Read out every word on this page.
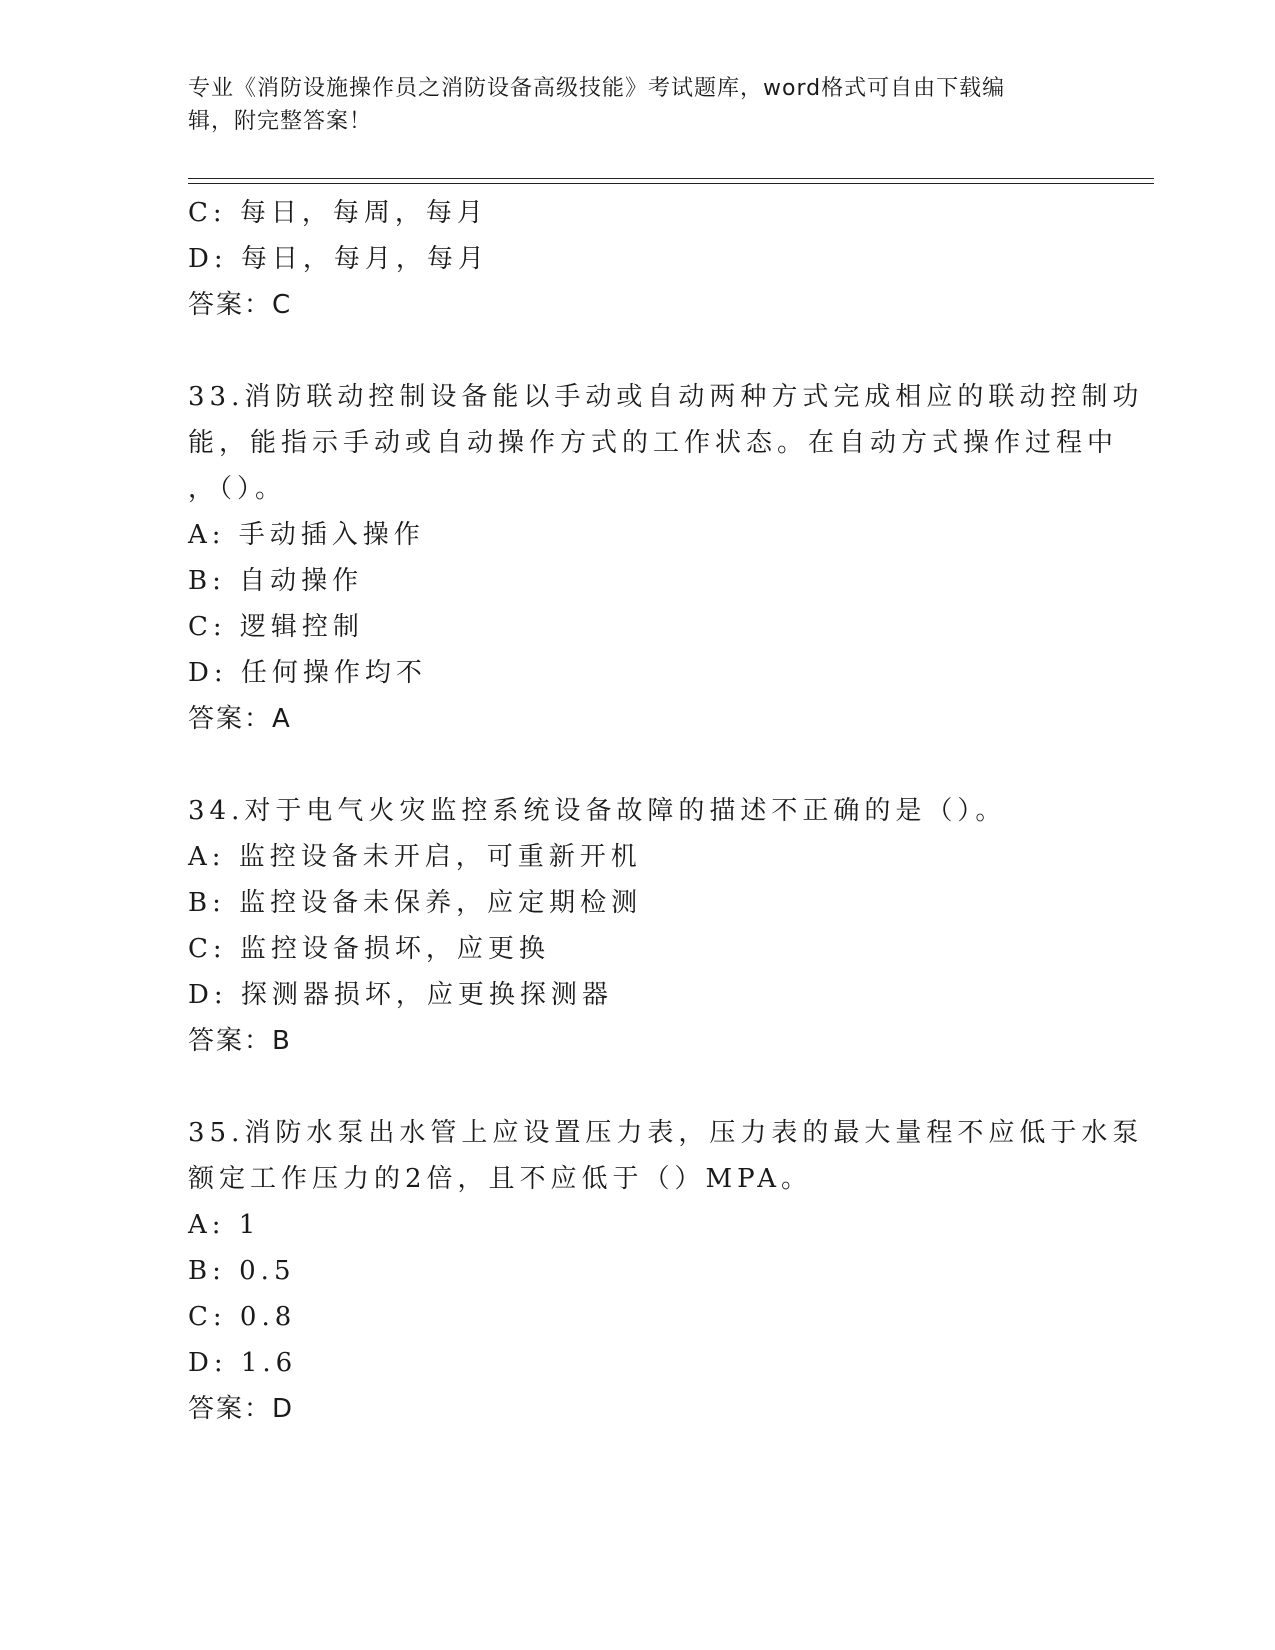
专业《消防设施操作员之消防设备高级技能》考试题库，word格式可自由下载编
辑，附完整答案！
C: 每日，每周，每月
D: 每日，每月，每月
答案：C
33.消防联动控制设备能以手动或自动两种方式完成相应的联动控制功
能，能指示手动或自动操作方式的工作状态。在自动方式操作过程中
，（）。
A: 手动插入操作
B: 自动操作
C: 逻辑控制
D: 任何操作均不
答案：A
34.对于电气火灾监控系统设备故障的描述不正确的是（）。
A: 监控设备未开启，可重新开机
B: 监控设备未保养，应定期检测
C: 监控设备损坏，应更换
D: 探测器损坏，应更换探测器
答案：B
35.消防水泵出水管上应设置压力表，压力表的最大量程不应低于水泵
额定工作压力的2倍，且不应低于（）MPA。
A: 1
B: 0.5
C: 0.8
D: 1.6
答案：D
